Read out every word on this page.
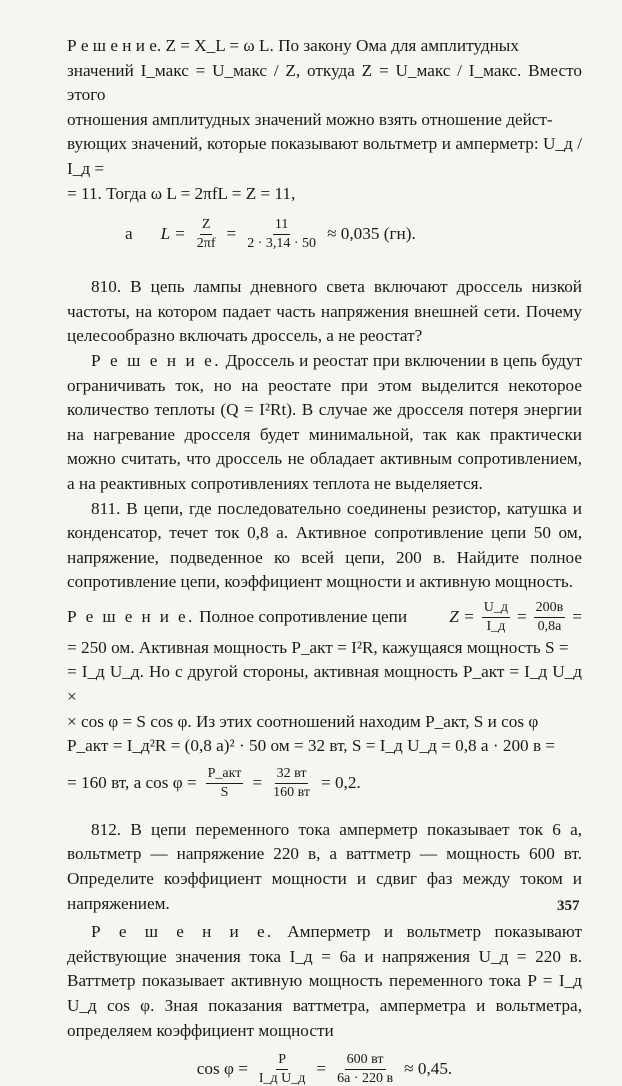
Р е ш е н и е. Z = X_L = ω L. По закону Ома для амплитудных

значений I_макс = U_макс / Z, откуда Z = U_макс / I_макс. Вместо этого

отношения амплитудных значений можно взять отношение дейст-

вующих значений, которые показывают вольтметр и амперметр: U_д / I_д =

= 11. Тогда ω L = 2πfL = Z = 11,

а $L = \frac{Z}{2\pi f} = \frac{11}{2 \cdot 3,14 \cdot 50} \approx 0,035$ (гн).

810. В цепь лампы дневного света включают дроссель низкой частоты, на котором падает часть напряжения внешней сети. Почему целесообразно включать дроссель, а не реостат?

Р е ш е н и е. Дроссель и реостат при включении в цепь будут ограничивать ток, но на реостате при этом выделится некоторое количество теплоты (Q = I²Rt). В случае же дросселя потеря энергии на нагревание дросселя будет минимальной, так как практически можно считать, что дроссель не обладает активным сопротивлением, а на реактивных сопротивлениях теплота не выделяется.

811. В цепи, где последовательно соединены резистор, катушка и конденсатор, течет ток 0,8 а. Активное сопротивление цепи 50 ом, напряжение, подведенное ко всей цепи, 200 в. Найдите полное сопротивление цепи, коэффициент мощности и активную мощность.

Р е ш е н и е. Полное сопротивление цепи $Z = \frac{U\_д}{I\_д} = \frac{200в}{0,8а}$ =

= 250 ом. Активная мощность P_акт = I²R, кажущаяся мощность S =

= I_д U_д. Но с другой стороны, активная мощность P_акт = I_д U_д ×

× cos φ = S cos φ. Из этих соотношений находим P_акт, S и cos φ

P_акт = I_д²R = (0,8 а)² · 50 ом = 32 вт, S = I_д U_д = 0,8 а · 200 в =

= 160 вт, а $\cos \varphi = \frac{\text{P\_акт}}{S} = \frac{32 вт}{160 вт} = 0,2$.

812. В цепи переменного тока амперметр показывает ток 6 а, вольтметр — напряжение 220 в, а ваттметр — мощность 600 вт. Определите коэффициент мощности и сдвиг фаз между током и напряжением.

Р е ш е н и е. Амперметр и вольтметр показывают действующие значения тока I_д = 6а и напряжения U_д = 220 в. Ваттметр показывает активную мощность переменного тока P = I_д U_д cos φ. Зная показания ваттметра, амперметра и вольтметра, определяем коэффициент мощности

$\cos \varphi = \frac{P}{\text{I\_д U\_д}} = \frac{600 вт}{6а \cdot 220 в} \approx 0,45$.
357
